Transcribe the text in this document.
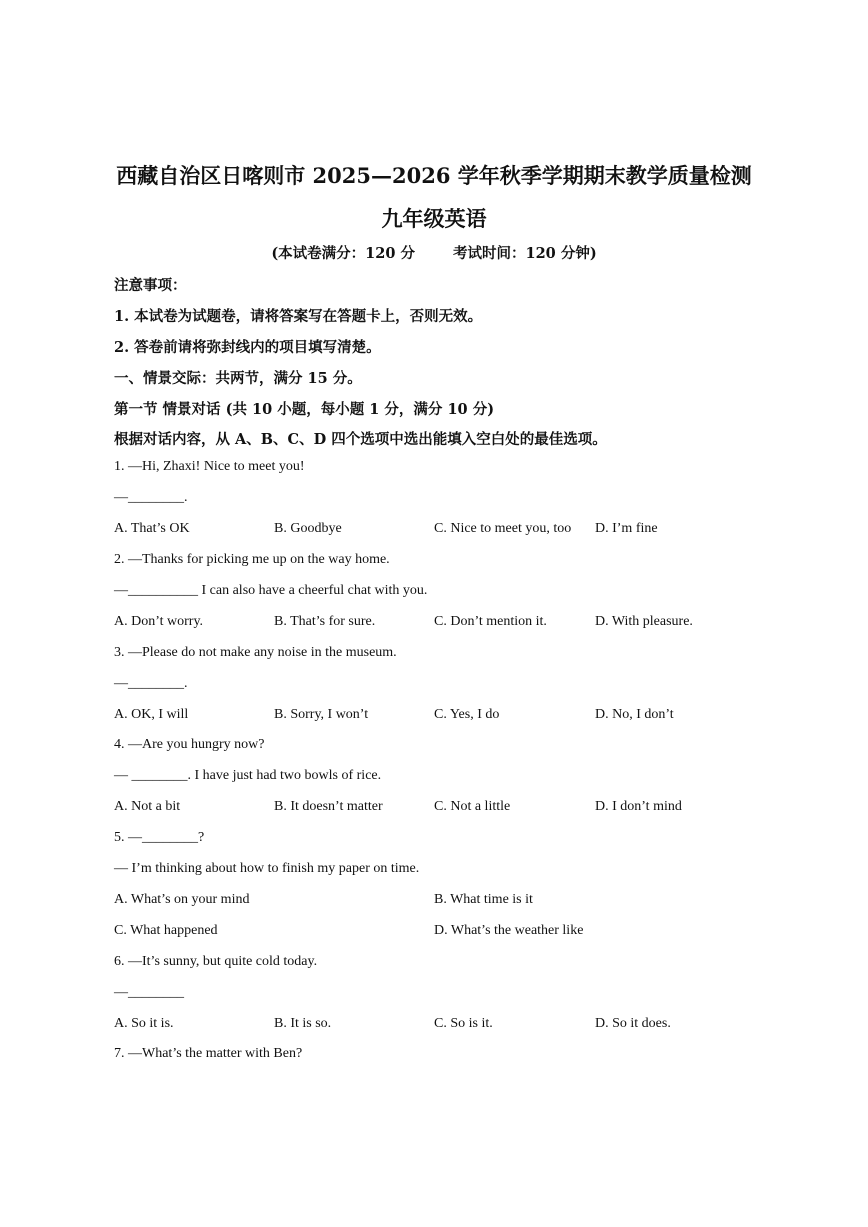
西藏自治区日喀则市 2025—2026 学年秋季学期期末教学质量检测
九年级英语
(本试卷满分：120 分	考试时间：120 分钟)
注意事项：
1. 本试卷为试题卷，请将答案写在答题卡上，否则无效。
2. 答卷前请将弥封线内的项目填写清楚。
一、情景交际：共两节，满分 15 分。
第一节 情景对话 (共 10 小题，每小题 1 分，满分 10 分)
根据对话内容，从 A、B、C、D 四个选项中选出能填入空白处的最佳选项。
1. —Hi, Zhaxi! Nice to meet you!
—________.
A. That’s OK	B. Goodbye	C. Nice to meet you, too D. I’m fine
2. —Thanks for picking me up on the way home.
—__________ I can also have a cheerful chat with you.
A. Don’t worry.	B. That’s for sure.	C. Don’t mention it.	D. With pleasure.
3. —Please do not make any noise in the museum.
—________.
A. OK, I will	B. Sorry, I won’t	C. Yes, I do	D. No, I don’t
4. —Are you hungry now?
— ________. I have just had two bowls of rice.
A. Not a bit	B. It doesn’t matter	C. Not a little	D. I don’t mind
5. —________?
— I’m thinking about how to finish my paper on time.
A. What’s on your mind	B. What time is it
C. What happened	D. What’s the weather like
6. —It’s sunny, but quite cold today.
—________
A. So it is.	B. It is so.	C. So is it.	D. So it does.
7. —What’s the matter with Ben?
